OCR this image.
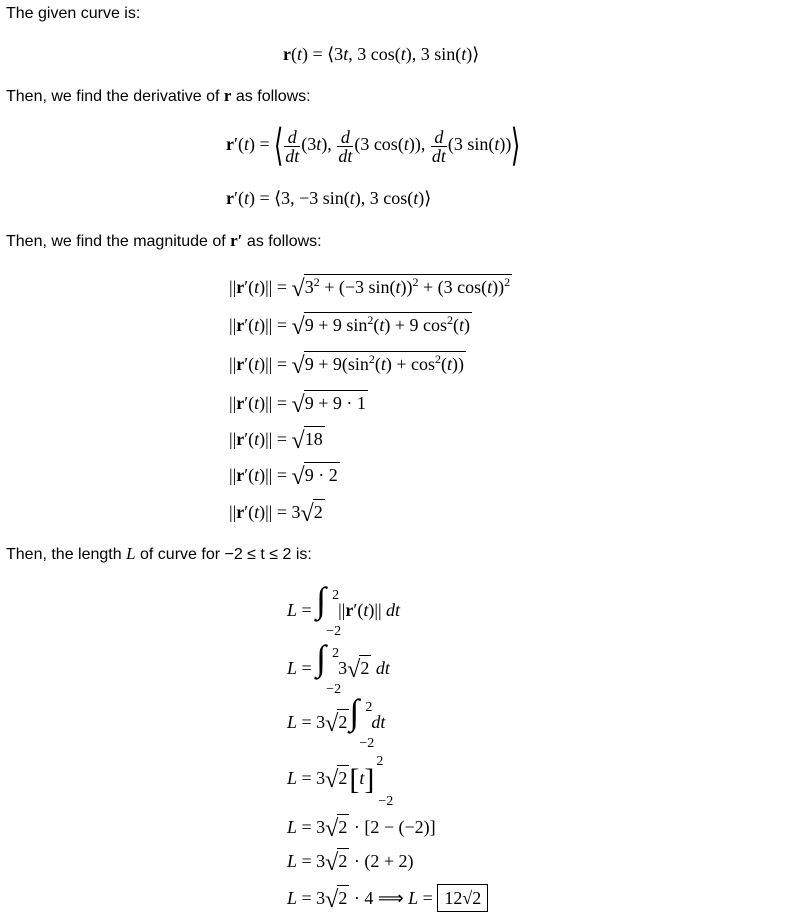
The given curve is:
r(t) = ⟨3t, 3 cos(t), 3 sin(t)⟩
Then, we find the derivative of r as follows:
r′(t) = ⟨ $\frac{d}{dt} (3t)$, $\frac{d}{dt} (3$ cos(t)), $\frac{d}{dt} (3$ sin(t))⟩
r′(t) = ⟨3, −3 sin(t), 3 cos(t)⟩
Then, we find the magnitude of r′ as follows:
$||r'(t)|| = √3^2 + (-3$ sin(t))$^2$ + (3 cos(t))$^2$
||r′(t)|| = √9 + 9 $\sin^2(t) + 9$ $\cos^2(t)$
$||r'(t)|| = √9 + 9(\sin^2(t) + \cos^2(t))$
||r′(t)|| = √9 + 9 · 1
||r′(t)|| = √18
||r′(t)|| = √9 · 2
||r′(t)|| = 3√2
Then, the length L of curve for −2 ≤ t ≤ 2 is:
L = ∫ 2
−2
||r′(t)|| dt
L = ∫ 2
−2
3√2 dt
L = 3√2 ∫ 2
−2
dt
L = 3√2[t]
2
−2
L = 3√2 · [2 − (−2)]
L = 3√2 · (2 + 2)
L = 3√2 · 4 ⟹ L = 12√2
